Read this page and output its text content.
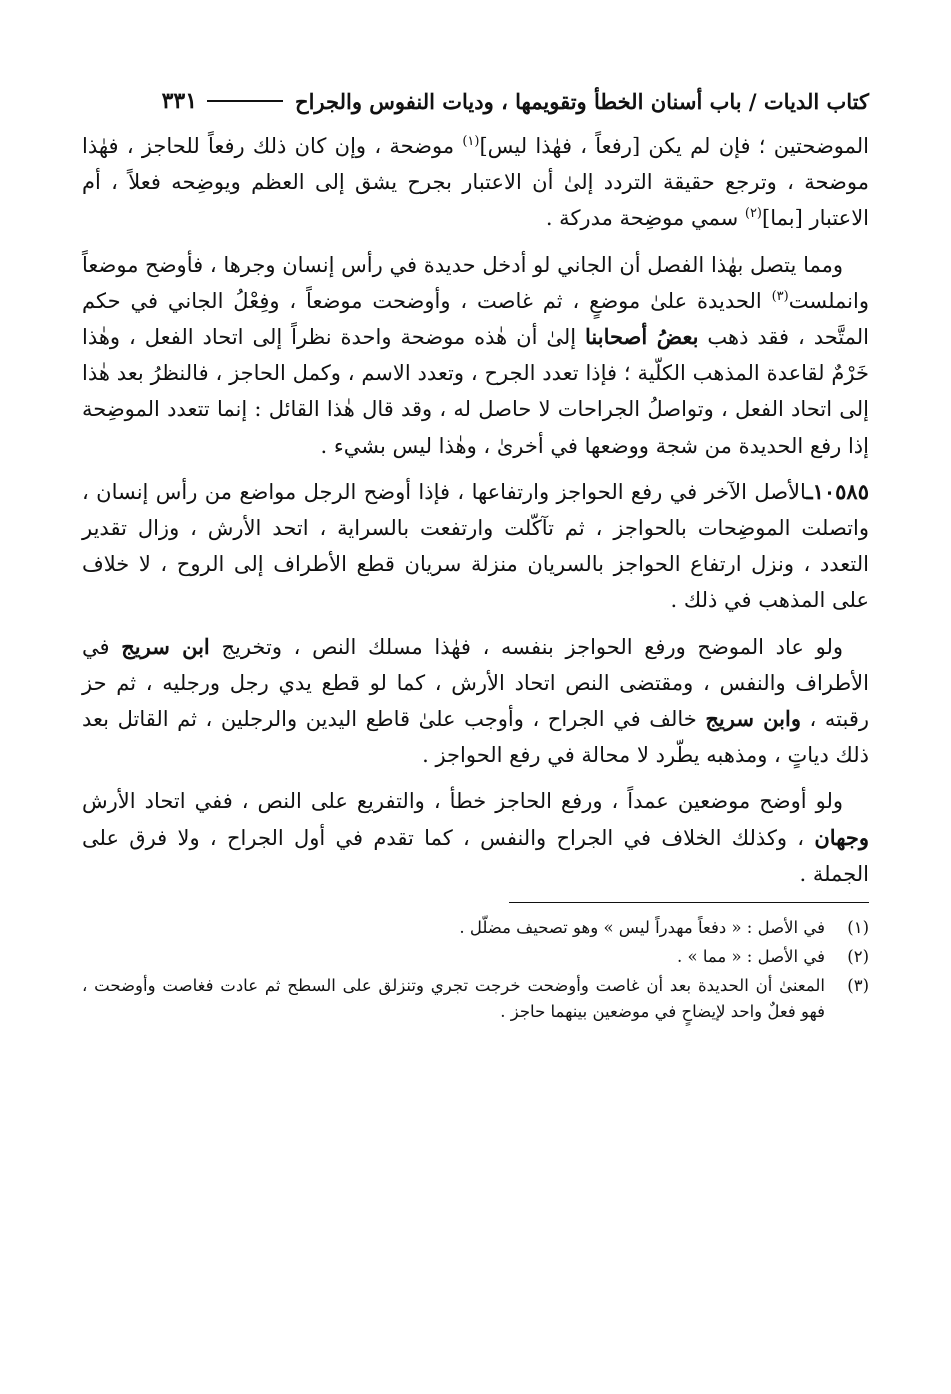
كتاب الديات / باب أسنان الخطأ وتقويمها ، وديات النفوس والجراح
٣٣١

الموضحتين ؛ فإن لم يكن [رفعاً ، فهٰذا ليس]$^{(١)}$ موضحة ، وإن كان ذلك رفعاً للحاجز ، فهٰذا موضحة ، وترجع حقيقة التردد إلىٰ أن الاعتبار بجرح يشق إلى العظم ويوضِحه فعلاً ، أم الاعتبار [بما]$^{(٢)}$ سمي موضِحة مدركة .

ومما يتصل بهٰذا الفصل أن الجاني لو أدخل حديدة في رأس إنسان وجرها ، فأوضح موضعاً وانملست$^{(٣)}$ الحديدة علىٰ موضعٍ ، ثم غاصت ، وأوضحت موضعاً ، وفِعْلُ الجاني في حكم المتَّحد ، فقد ذهب بعضُ أصحابنا إلىٰ أن هٰذه موضحة واحدة نظراً إلى اتحاد الفعل ، وهٰذا خَرْمٌ لقاعدة المذهب الكلّية ؛ فإذا تعدد الجرح ، وتعدد الاسم ، وكمل الحاجز ، فالنظرُ بعد هٰذا إلى اتحاد الفعل ، وتواصلُ الجراحات لا حاصل له ، وقد قال هٰذا القائل : إنما تتعدد الموضِحة إذا رفع الحديدة من شجة ووضعها في أخرىٰ ، وهٰذا ليس بشيء .

١٠٥٨٥ـالأصل الآخر في رفع الحواجز وارتفاعها ، فإذا أوضح الرجل مواضع من رأس إنسان ، واتصلت الموضِحات بالحواجز ، ثم تآكّلت وارتفعت بالسراية ، اتحد الأرش ، وزال تقدير التعدد ، ونزل ارتفاع الحواجز بالسريان منزلة سريان قطع الأطراف إلى الروح ، لا خلاف على المذهب في ذلك .

ولو عاد الموضح ورفع الحواجز بنفسه ، فهٰذا مسلك النص ، وتخريج ابن سريج في الأطراف والنفس ، ومقتضى النص اتحاد الأرش ، كما لو قطع يدي رجل ورجليه ، ثم حز رقبته ، وابن سريج خالف في الجراح ، وأوجب علىٰ قاطع اليدين والرجلين ، ثم القاتل بعد ذلك دياتٍ ، ومذهبه يطّرد لا محالة في رفع الحواجز .

ولو أوضح موضعين عمداً ، ورفع الحاجز خطأ ، والتفريع على النص ، ففي اتحاد الأرش وجهان ، وكذلك الخلاف في الجراح والنفس ، كما تقدم في أول الجراح ، ولا فرق على الجملة .

(١)
في الأصل : « دفعاً مهدراً ليس » وهو تصحيف مضلّل .
(٢)
في الأصل : « مما » .
(٣)
المعنىٰ أن الحديدة بعد أن غاصت وأوضحت خرجت تجري وتنزلق على السطح ثم عادت فغاصت وأوضحت ، فهو فعلٌ واحد لإيضاحٍ في موضعين بينهما حاجز .
